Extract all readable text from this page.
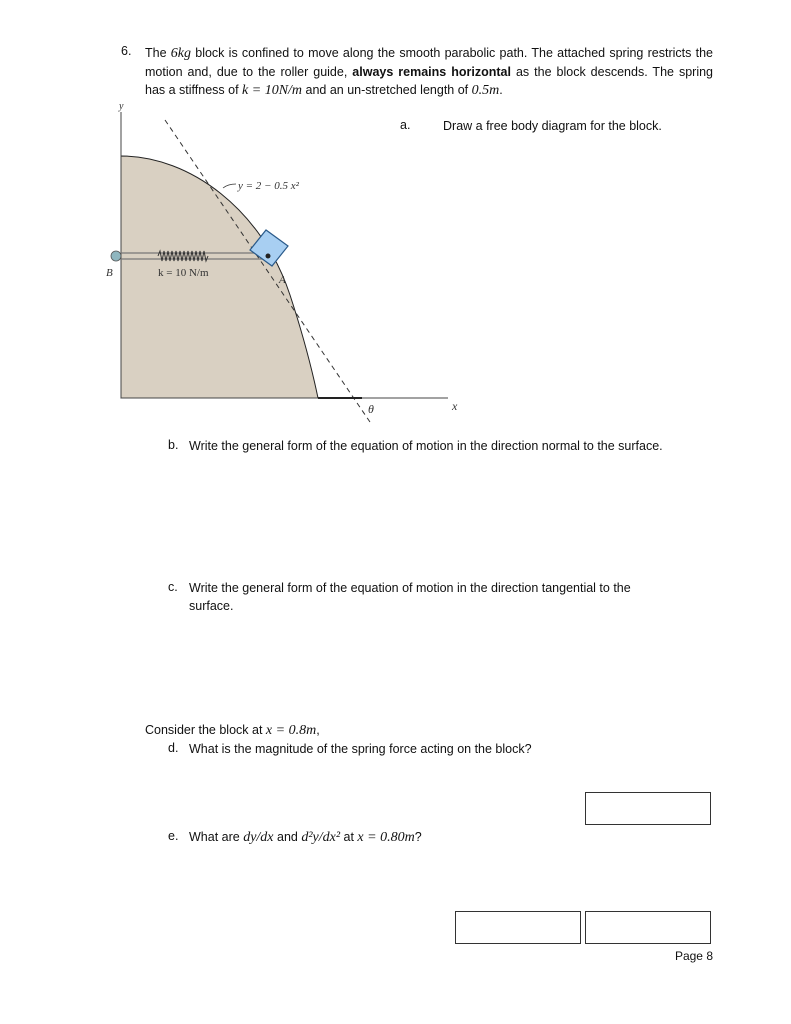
6. The 6kg block is confined to move along the smooth parabolic path. The attached spring restricts the motion and, due to the roller guide, always remains horizontal as the block descends. The spring has a stiffness of k = 10N/m and an un-stretched length of 0.5m.
y
x
y = 2 − 0.5 x²
k = 10 N/m
B
A
θ
a.	Draw a free body diagram for the block.
b. Write the general form of the equation of motion in the direction normal to the surface.
c. Write the general form of the equation of motion in the direction tangential to the
surface.
Consider the block at x = 0.8m,
d. What is the magnitude of the spring force acting on the block?
e. What are dy/dx and d²y/dx² at x = 0.80m?
Page 8
